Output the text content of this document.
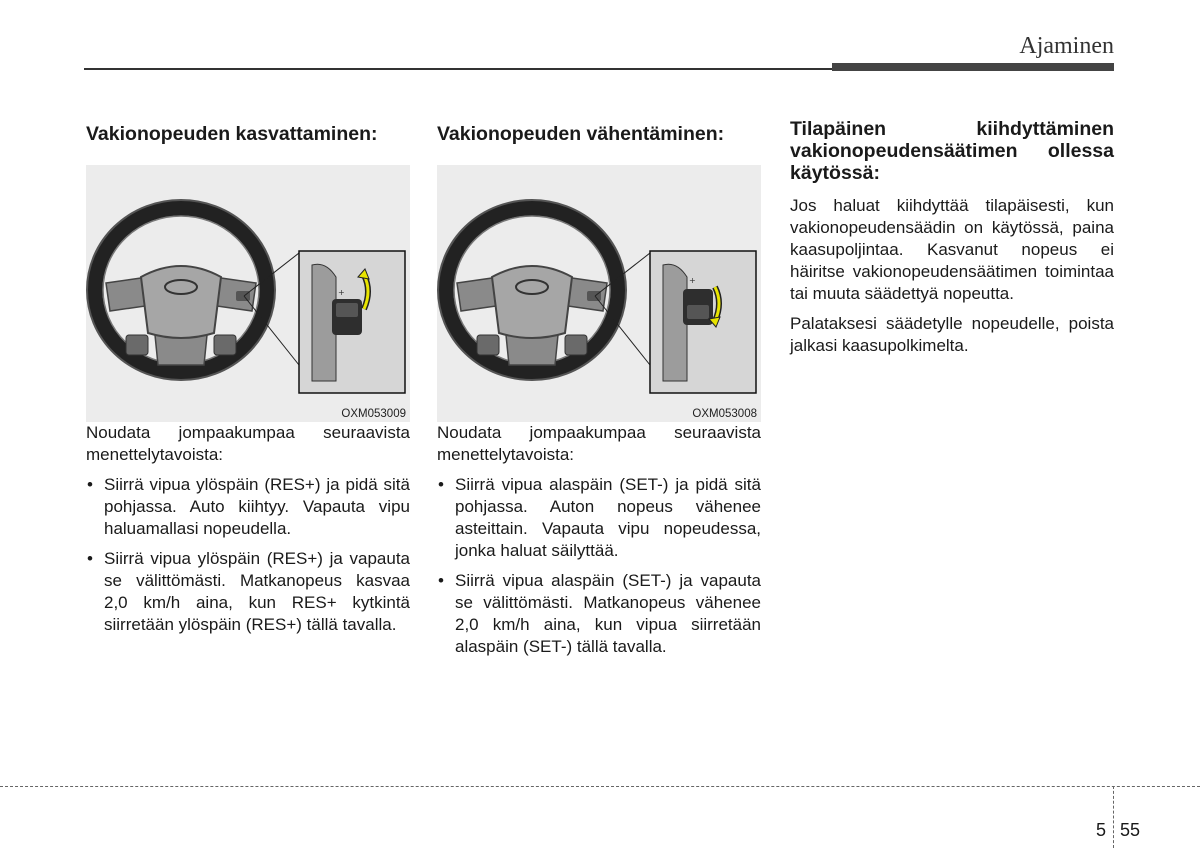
Ajaminen
Vakionopeuden kasvattaminen:
+
OXM053009

Noudata jompaakumpaa seuraavista menettelytavoista:

• Siirrä vipua ylöspäin (RES+) ja pidä sitä pohjassa. Auto kiihtyy. Vapauta vipu haluamallasi nopeudella.
• Siirrä vipua ylöspäin (RES+) ja vapauta se välittömästi. Matkanopeus kasvaa 2,0 km/h aina, kun RES+ kytkintä siirretään ylöspäin (RES+) tällä tavalla.
Vakionopeuden vähentäminen:
+
OXM053008

Noudata jompaakumpaa seuraavista menettelytavoista:

• Siirrä vipua alaspäin (SET-) ja pidä sitä pohjassa. Auton nopeus vähenee asteittain. Vapauta vipu nopeudessa, jonka haluat säilyttää.
• Siirrä vipua alaspäin (SET-) ja vapauta se välittömästi. Matkanopeus vähenee 2,0 km/h aina, kun vipua siirretään alaspäin (SET-) tällä tavalla.
Tilapäinen kiihdyttäminen vakionopeudensäätimen ollessa käytössä:

Jos haluat kiihdyttää tilapäisesti, kun vakionopeudensäädin on käytössä, paina kaasupoljintaa. Kasvanut nopeus ei häiritse vakionopeudensäätimen toimintaa tai muuta säädettyä nopeutta.

Palataksesi säädetylle nopeudelle, poista jalkasi kaasupolkimelta.

5 55
